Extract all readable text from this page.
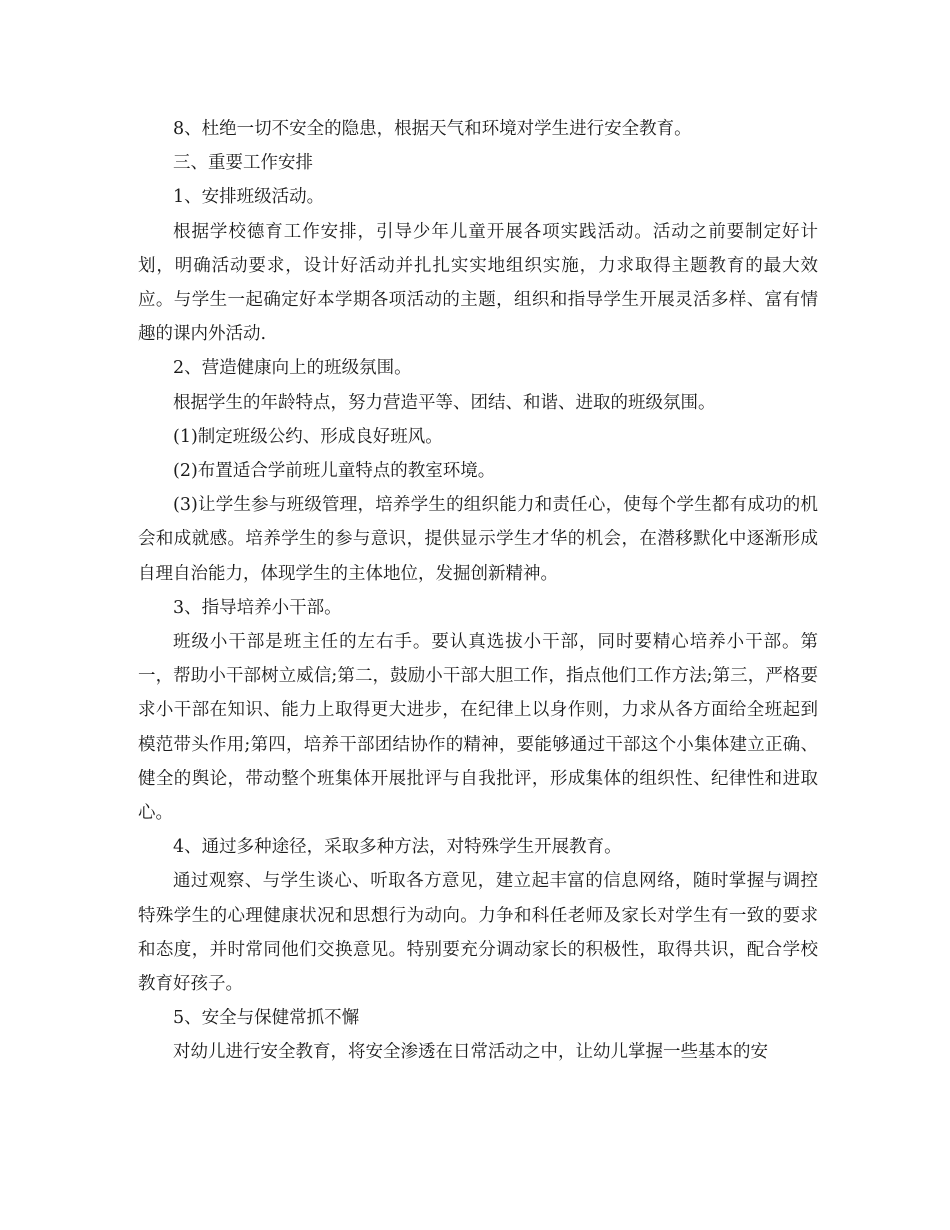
8、杜绝一切不安全的隐患，根据天气和环境对学生进行安全教育。

三、重要工作安排

1、安排班级活动。

根据学校德育工作安排，引导少年儿童开展各项实践活动。活动之前要制定好计划，明确活动要求，设计好活动并扎扎实实地组织实施，力求取得主题教育的最大效应。与学生一起确定好本学期各项活动的主题，组织和指导学生开展灵活多样、富有情趣的课内外活动.

2、营造健康向上的班级氛围。

根据学生的年龄特点，努力营造平等、团结、和谐、进取的班级氛围。

(1)制定班级公约、形成良好班风。

(2)布置适合学前班儿童特点的教室环境。

(3)让学生参与班级管理，培养学生的组织能力和责任心，使每个学生都有成功的机会和成就感。培养学生的参与意识，提供显示学生才华的机会，在潜移默化中逐渐形成自理自治能力，体现学生的主体地位，发掘创新精神。

3、指导培养小干部。

班级小干部是班主任的左右手。要认真选拔小干部，同时要精心培养小干部。第一，帮助小干部树立威信;第二，鼓励小干部大胆工作，指点他们工作方法;第三，严格要求小干部在知识、能力上取得更大进步，在纪律上以身作则，力求从各方面给全班起到模范带头作用;第四，培养干部团结协作的精神，要能够通过干部这个小集体建立正确、健全的舆论，带动整个班集体开展批评与自我批评，形成集体的组织性、纪律性和进取心。

4、通过多种途径，采取多种方法，对特殊学生开展教育。

通过观察、与学生谈心、听取各方意见，建立起丰富的信息网络，随时掌握与调控特殊学生的心理健康状况和思想行为动向。力争和科任老师及家长对学生有一致的要求和态度，并时常同他们交换意见。特别要充分调动家长的积极性，取得共识，配合学校教育好孩子。

5、安全与保健常抓不懈

对幼儿进行安全教育，将安全渗透在日常活动之中，让幼儿掌握一些基本的安
